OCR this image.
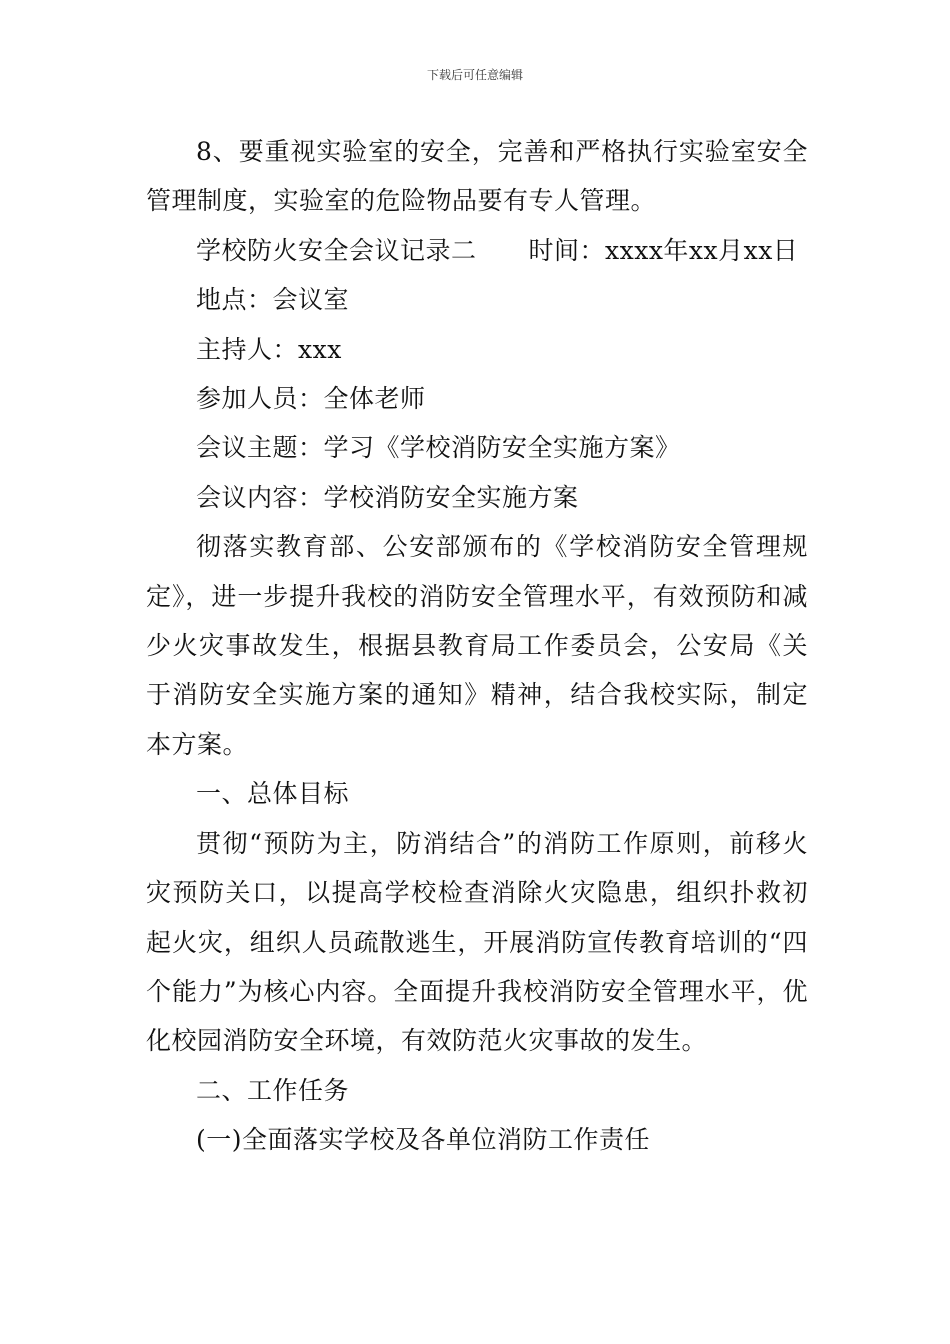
下载后可任意编辑

8、要重视实验室的安全，完善和严格执行实验室安全管理制度，实验室的危险物品要有专人管理。

学校防火安全会议记录二 时间：xxxx年xx月xx日

地点：会议室

主持人：xxx

参加人员：全体老师

会议主题：学习《学校消防安全实施方案》

会议内容：学校消防安全实施方案

彻落实教育部、公安部颁布的《学校消防安全管理规定》，进一步提升我校的消防安全管理水平，有效预防和减少火灾事故发生，根据县教育局工作委员会，公安局《关于消防安全实施方案的通知》精神，结合我校实际，制定本方案。

一、总体目标

贯彻“预防为主，防消结合”的消防工作原则，前移火灾预防关口，以提高学校检查消除火灾隐患，组织扑救初起火灾，组织人员疏散逃生，开展消防宣传教育培训的“四个能力”为核心内容。全面提升我校消防安全管理水平，优化校园消防安全环境，有效防范火灾事故的发生。

二、工作任务

(一)全面落实学校及各单位消防工作责任
